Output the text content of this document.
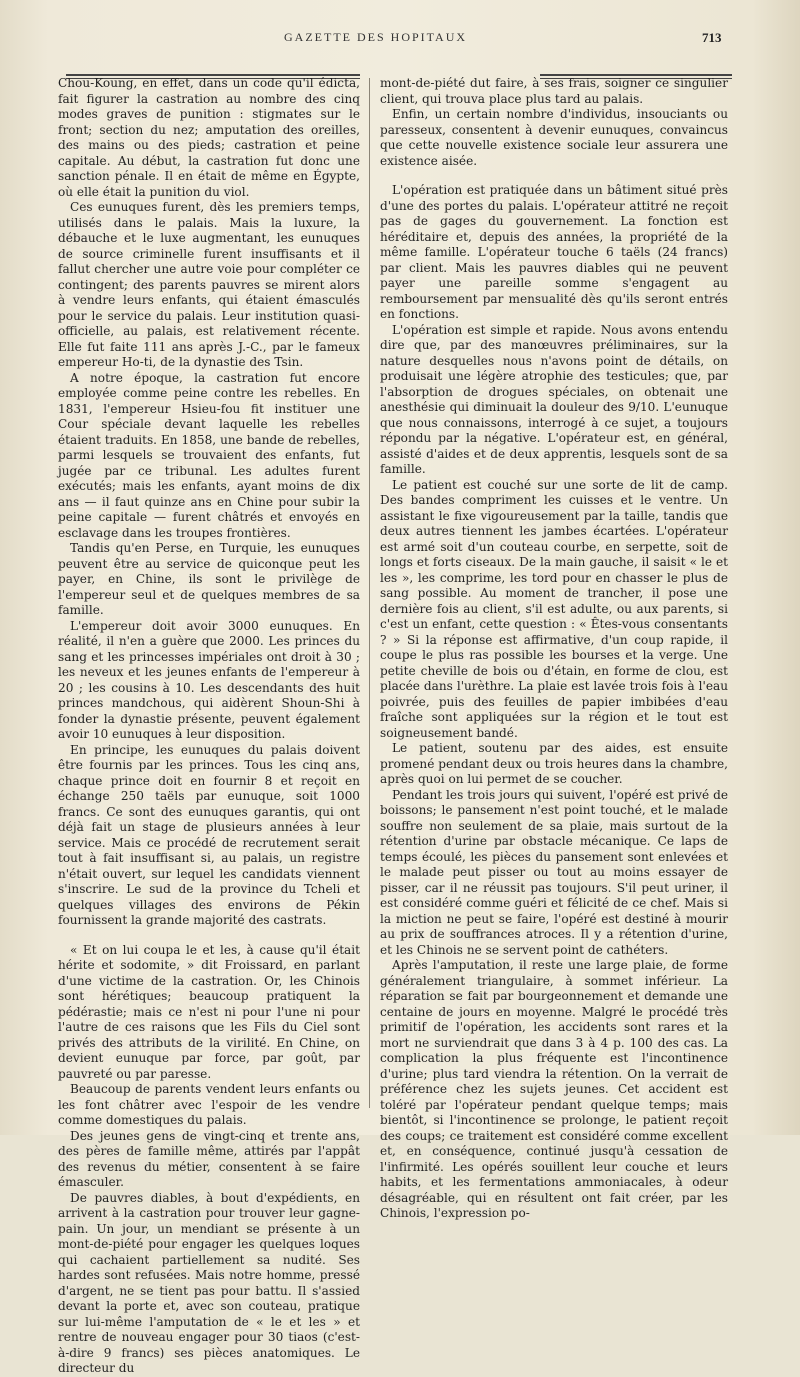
GAZETTE DES HOPITAUX	713

Chou-Koung, en effet, dans un code qu'il édicta, fait figurer la castration au nombre des cinq modes graves de punition : stigmates sur le front; section du nez; amputation des oreilles, des mains ou des pieds; castration et peine capitale. Au début, la castration fut donc une sanction pénale. Il en était de même en Égypte, où elle était la punition du viol.

Ces eunuques furent, dès les premiers temps, utilisés dans le palais. Mais la luxure, la débauche et le luxe augmentant, les eunuques de source criminelle furent insuffisants et il fallut chercher une autre voie pour compléter ce contingent; des parents pauvres se mirent alors à vendre leurs enfants, qui étaient émasculés pour le service du palais. Leur institution quasi-officielle, au palais, est relativement récente. Elle fut faite 111 ans après J.-C., par le fameux empereur Ho-ti, de la dynastie des Tsin.

A notre époque, la castration fut encore employée comme peine contre les rebelles. En 1831, l'empereur Hsieu-fou fit instituer une Cour spéciale devant laquelle les rebelles étaient traduits. En 1858, une bande de rebelles, parmi lesquels se trouvaient des enfants, fut jugée par ce tribunal. Les adultes furent exécutés; mais les enfants, ayant moins de dix ans — il faut quinze ans en Chine pour subir la peine capitale — furent châtrés et envoyés en esclavage dans les troupes frontières.

Tandis qu'en Perse, en Turquie, les eunuques peuvent être au service de quiconque peut les payer, en Chine, ils sont le privilège de l'empereur seul et de quelques membres de sa famille.

L'empereur doit avoir 3000 eunuques. En réalité, il n'en a guère que 2000. Les princes du sang et les princesses impériales ont droit à 30 ; les neveux et les jeunes enfants de l'empereur à 20 ; les cousins à 10. Les descendants des huit princes mandchous, qui aidèrent Shoun-Shi à fonder la dynastie présente, peuvent également avoir 10 eunuques à leur disposition.

En principe, les eunuques du palais doivent être fournis par les princes. Tous les cinq ans, chaque prince doit en fournir 8 et reçoit en échange 250 taëls par eunuque, soit 1000 francs. Ce sont des eunuques garantis, qui ont déjà fait un stage de plusieurs années à leur service. Mais ce procédé de recrutement serait tout à fait insuffisant si, au palais, un registre n'était ouvert, sur lequel les candidats viennent s'inscrire. Le sud de la province du Tcheli et quelques villages des environs de Pékin fournissent la grande majorité des castrats.

« Et on lui coupa le et les, à cause qu'il était hérite et sodomite, » dit Froissard, en parlant d'une victime de la castration. Or, les Chinois sont hérétiques; beaucoup pratiquent la pédérastie; mais ce n'est ni pour l'une ni pour l'autre de ces raisons que les Fils du Ciel sont privés des attributs de la virilité. En Chine, on devient eunuque par force, par goût, par pauvreté ou par paresse.

Beaucoup de parents vendent leurs enfants ou les font châtrer avec l'espoir de les vendre comme domestiques du palais.

Des jeunes gens de vingt-cinq et trente ans, des pères de famille même, attirés par l'appât des revenus du métier, consentent à se faire émasculer.

De pauvres diables, à bout d'expédients, en arrivent à la castration pour trouver leur gagne-pain. Un jour, un mendiant se présente à un mont-de-piété pour engager les quelques loques qui cachaient partiellement sa nudité. Ses hardes sont refusées. Mais notre homme, pressé d'argent, ne se tient pas pour battu. Il s'assied devant la porte et, avec son couteau, pratique sur lui-même l'amputation de « le et les » et rentre de nouveau engager pour 30 tiaos (c'est-à-dire 9 francs) ses pièces anatomiques. Le directeur du

mont-de-piété dut faire, à ses frais, soigner ce singulier client, qui trouva place plus tard au palais.

Enfin, un certain nombre d'individus, insouciants ou paresseux, consentent à devenir eunuques, convaincus que cette nouvelle existence sociale leur assurera une existence aisée.

L'opération est pratiquée dans un bâtiment situé près d'une des portes du palais. L'opérateur attitré ne reçoit pas de gages du gouvernement. La fonction est héréditaire et, depuis des années, la propriété de la même famille. L'opérateur touche 6 taëls (24 francs) par client. Mais les pauvres diables qui ne peuvent payer une pareille somme s'engagent au remboursement par mensualité dès qu'ils seront entrés en fonctions.

L'opération est simple et rapide. Nous avons entendu dire que, par des manœuvres préliminaires, sur la nature desquelles nous n'avons point de détails, on produisait une légère atrophie des testicules; que, par l'absorption de drogues spéciales, on obtenait une anesthésie qui diminuait la douleur des 9/10. L'eunuque que nous connaissons, interrogé à ce sujet, a toujours répondu par la négative. L'opérateur est, en général, assisté d'aides et de deux apprentis, lesquels sont de sa famille.

Le patient est couché sur une sorte de lit de camp. Des bandes compriment les cuisses et le ventre. Un assistant le fixe vigoureusement par la taille, tandis que deux autres tiennent les jambes écartées. L'opérateur est armé soit d'un couteau courbe, en serpette, soit de longs et forts ciseaux. De la main gauche, il saisit « le et les », les comprime, les tord pour en chasser le plus de sang possible. Au moment de trancher, il pose une dernière fois au client, s'il est adulte, ou aux parents, si c'est un enfant, cette question : « Êtes-vous consentants ? » Si la réponse est affirmative, d'un coup rapide, il coupe le plus ras possible les bourses et la verge. Une petite cheville de bois ou d'étain, en forme de clou, est placée dans l'urèthre. La plaie est lavée trois fois à l'eau poivrée, puis des feuilles de papier imbibées d'eau fraîche sont appliquées sur la région et le tout est soigneusement bandé.

Le patient, soutenu par des aides, est ensuite promené pendant deux ou trois heures dans la chambre, après quoi on lui permet de se coucher.

Pendant les trois jours qui suivent, l'opéré est privé de boissons; le pansement n'est point touché, et le malade souffre non seulement de sa plaie, mais surtout de la rétention d'urine par obstacle mécanique. Ce laps de temps écoulé, les pièces du pansement sont enlevées et le malade peut pisser ou tout au moins essayer de pisser, car il ne réussit pas toujours. S'il peut uriner, il est considéré comme guéri et félicité de ce chef. Mais si la miction ne peut se faire, l'opéré est destiné à mourir au prix de souffrances atroces. Il y a rétention d'urine, et les Chinois ne se servent point de cathéters.

Après l'amputation, il reste une large plaie, de forme généralement triangulaire, à sommet inférieur. La réparation se fait par bourgeonnement et demande une centaine de jours en moyenne. Malgré le procédé très primitif de l'opération, les accidents sont rares et la mort ne surviendrait que dans 3 à 4 p. 100 des cas. La complication la plus fréquente est l'incontinence d'urine; plus tard viendra la rétention. On la verrait de préférence chez les sujets jeunes. Cet accident est toléré par l'opérateur pendant quelque temps; mais bientôt, si l'incontinence se prolonge, le patient reçoit des coups; ce traitement est considéré comme excellent et, en conséquence, continué jusqu'à cessation de l'infirmité. Les opérés souillent leur couche et leurs habits, et les fermentations ammoniacales, à odeur désagréable, qui en résultent ont fait créer, par les Chinois, l'expression po-
